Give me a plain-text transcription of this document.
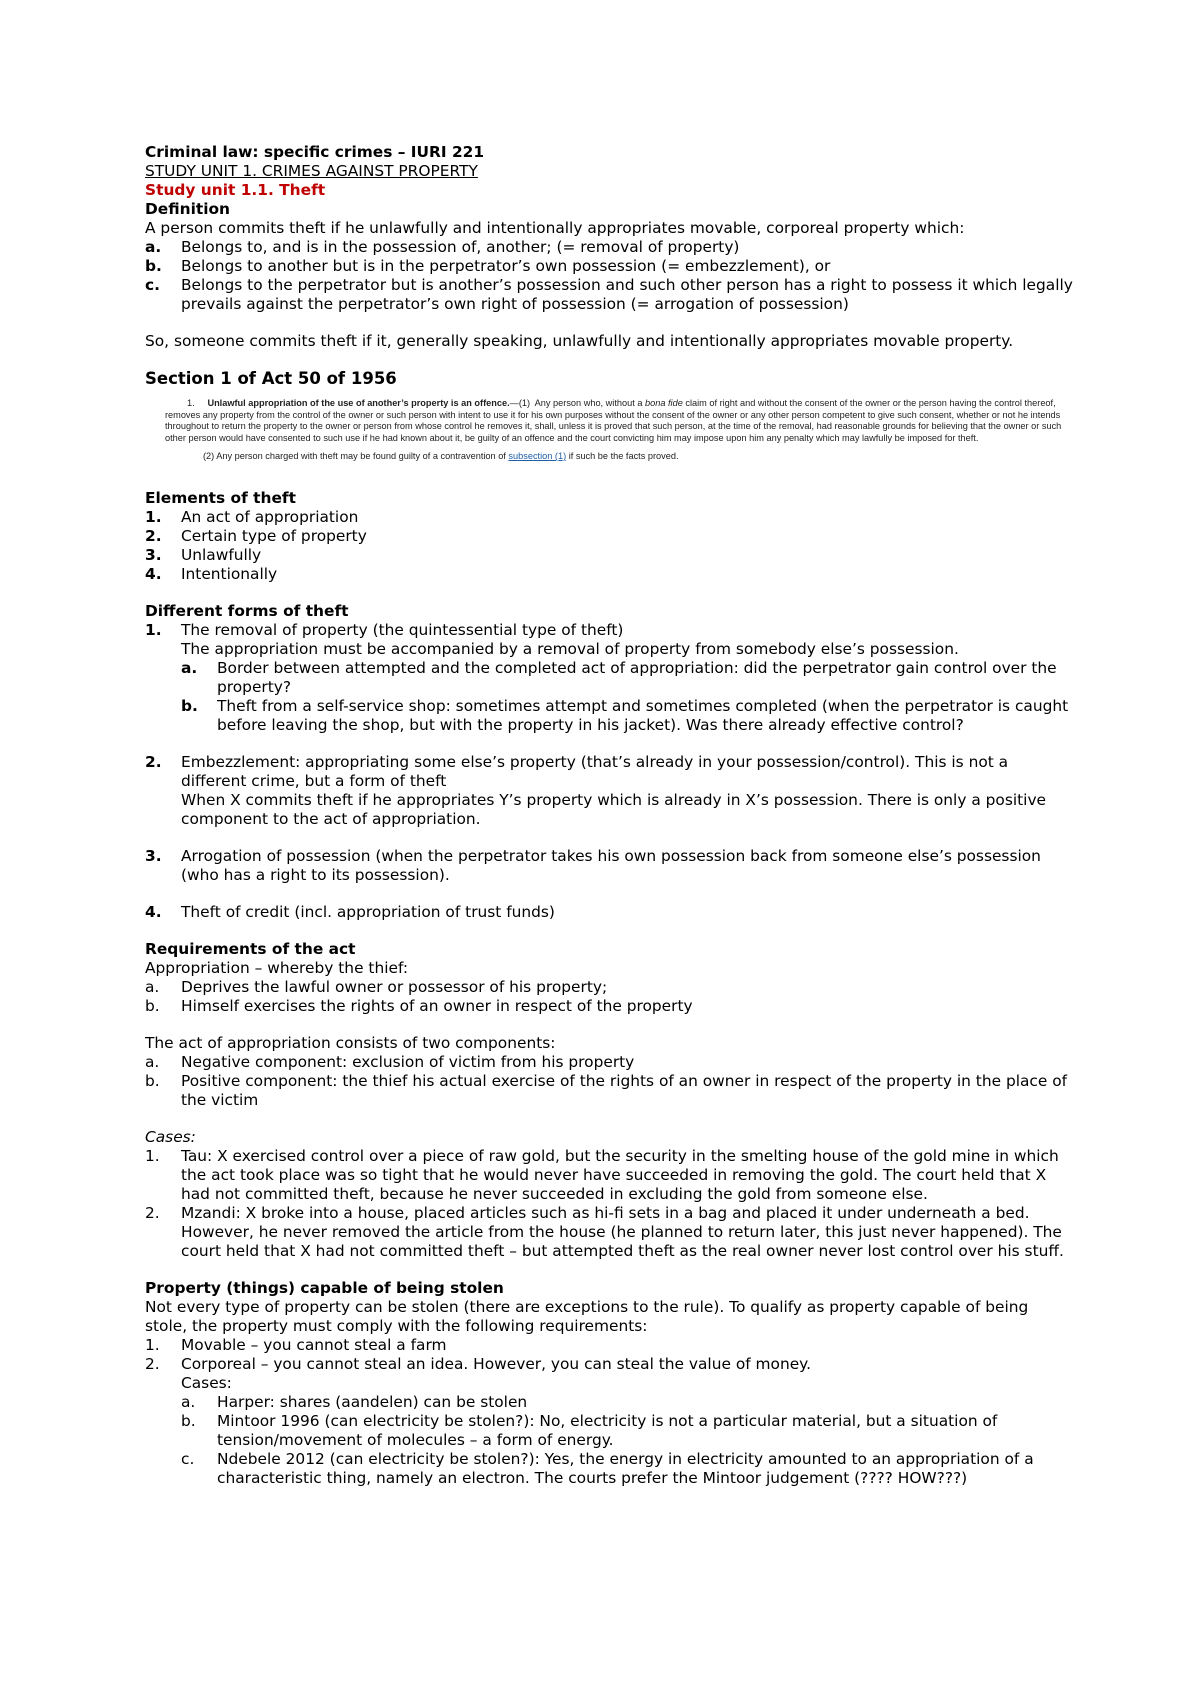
Criminal law: specific crimes – IURI 221
STUDY UNIT 1. CRIMES AGAINST PROPERTY
Study unit 1.1. Theft
Definition
A person commits theft if he unlawfully and intentionally appropriates movable, corporeal property which:
a.	Belongs to, and is in the possession of, another; (= removal of property)
b.	Belongs to another but is in the perpetrator’s own possession (= embezzlement), or
c.	Belongs to the perpetrator but is another’s possession and such other person has a right to possess it which legally prevails against the perpetrator’s own right of possession (= arrogation of possession)
So, someone commits theft if it, generally speaking, unlawfully and intentionally appropriates movable property.
Section 1 of Act 50 of 1956
1. Unlawful appropriation of the use of another’s property is an offence.—(1) Any person who, without a bona fide claim of right and without the consent of the owner or the person having the control thereof, removes any property from the control of the owner or such person with intent to use it for his own purposes without the consent of the owner or any other person competent to give such consent, whether or not he intends throughout to return the property to the owner or person from whose control he removes it, shall, unless it is proved that such person, at the time of the removal, had reasonable grounds for believing that the owner or such other person would have consented to such use if he had known about it, be guilty of an offence and the court convicting him may impose upon him any penalty which may lawfully be imposed for theft.
(2) Any person charged with theft may be found guilty of a contravention of subsection (1) if such be the facts proved.
Elements of theft
1.	An act of appropriation
2.	Certain type of property
3.	Unlawfully
4.	Intentionally
Different forms of theft
1.	The removal of property (the quintessential type of theft)
The appropriation must be accompanied by a removal of property from somebody else’s possession.
a.	Border between attempted and the completed act of appropriation: did the perpetrator gain control over the property?
b.	Theft from a self-service shop: sometimes attempt and sometimes completed (when the perpetrator is caught before leaving the shop, but with the property in his jacket). Was there already effective control?
2.	Embezzlement: appropriating some else’s property (that’s already in your possession/control). This is not a different crime, but a form of theft
When X commits theft if he appropriates Y’s property which is already in X’s possession. There is only a positive component to the act of appropriation.
3.	Arrogation of possession (when the perpetrator takes his own possession back from someone else’s possession (who has a right to its possession).
4.	Theft of credit (incl. appropriation of trust funds)
Requirements of the act
Appropriation – whereby the thief:
a.	Deprives the lawful owner or possessor of his property;
b.	Himself exercises the rights of an owner in respect of the property
The act of appropriation consists of two components:
a.	Negative component: exclusion of victim from his property
b.	Positive component: the thief his actual exercise of the rights of an owner in respect of the property in the place of the victim
Cases:
1.	Tau: X exercised control over a piece of raw gold, but the security in the smelting house of the gold mine in which the act took place was so tight that he would never have succeeded in removing the gold. The court held that X had not committed theft, because he never succeeded in excluding the gold from someone else.
2.	Mzandi: X broke into a house, placed articles such as hi-fi sets in a bag and placed it under underneath a bed. However, he never removed the article from the house (he planned to return later, this just never happened). The court held that X had not committed theft – but attempted theft as the real owner never lost control over his stuff.
Property (things) capable of being stolen
Not every type of property can be stolen (there are exceptions to the rule). To qualify as property capable of being stole, the property must comply with the following requirements:
1.	Movable – you cannot steal a farm
2.	Corporeal – you cannot steal an idea. However, you can steal the value of money.
Cases:
a.	Harper: shares (aandelen) can be stolen
b.	Mintoor 1996 (can electricity be stolen?): No, electricity is not a particular material, but a situation of tension/movement of molecules – a form of energy.
c.	Ndebele 2012 (can electricity be stolen?): Yes, the energy in electricity amounted to an appropriation of a characteristic thing, namely an electron. The courts prefer the Mintoor judgement (???? HOW???)
